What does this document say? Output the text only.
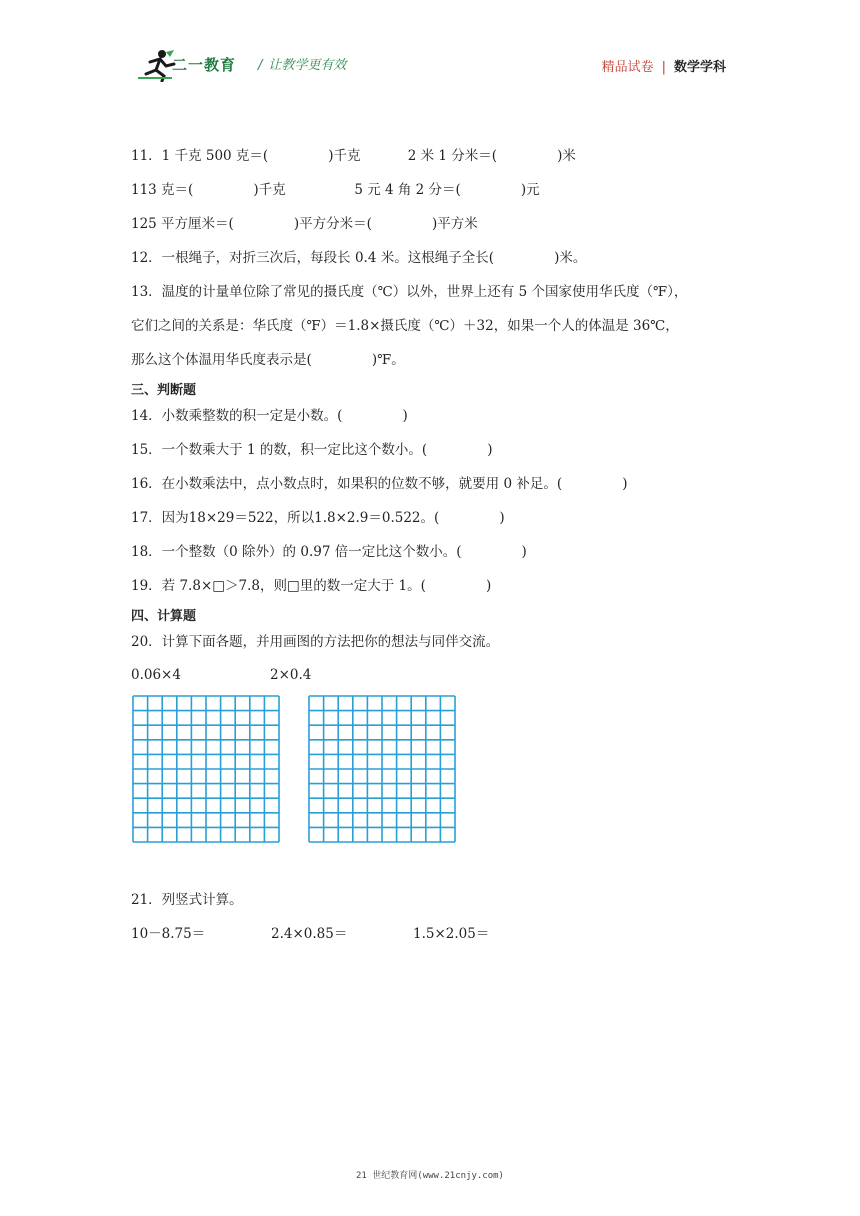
二一教育 / 让教学更有效	精品试卷 | 数学学科
11．1 千克 500 克＝(              )千克           2 米 1 分米＝(              )米
113 克＝(              )千克                5 元 4 角 2 分＝(              )元
125 平方厘米＝(              )平方分米＝(              )平方米
12．一根绳子，对折三次后，每段长 0.4 米。这根绳子全长(              )米。
13．温度的计量单位除了常见的摄氏度（℃）以外，世界上还有 5 个国家使用华氏度（℉），
它们之间的关系是：华氏度（℉）＝1.8×摄氏度（℃）＋32，如果一个人的体温是 36℃，
那么这个体温用华氏度表示是(              )℉。
三、判断题
14．小数乘整数的积一定是小数。(              )
15．一个数乘大于 1 的数，积一定比这个数小。(              )
16．在小数乘法中，点小数点时，如果积的位数不够，就要用 0 补足。(              )
17．因为18×29＝522，所以1.8×2.9＝0.522。(              )
18．一个整数（0 除外）的 0.97 倍一定比这个数小。(              )
19．若 7.8×□＞7.8，则□里的数一定大于 1。(              )
四、计算题
20．计算下面各题，并用画图的方法把你的想法与同伴交流。
0.06×4	2×0.4
21．列竖式计算。
10－8.75＝	2.4×0.85＝	1.5×2.05＝
21 世纪教育网(www.21cnjy.com)
